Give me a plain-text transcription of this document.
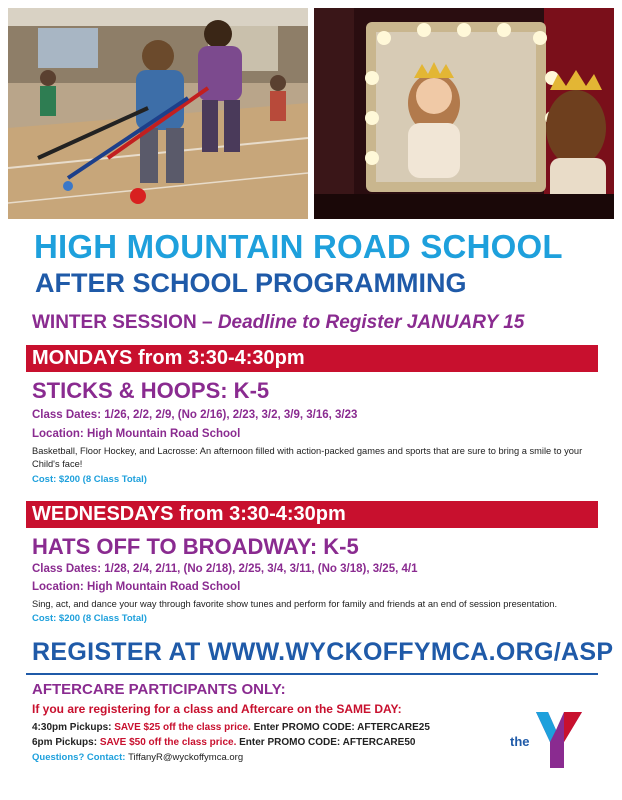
HIGH MOUNTAIN ROAD SCHOOL
AFTER SCHOOL PROGRAMMING
WINTER SESSION – Deadline to Register JANUARY 15
MONDAYS from 3:30-4:30pm
STICKS & HOOPS: K-5
Class Dates: 1/26, 2/2, 2/9, (No 2/16), 2/23, 3/2, 3/9, 3/16, 3/23
Location: High Mountain Road School
Basketball, Floor Hockey, and Lacrosse: An afternoon filled with action-packed games and sports that are sure to bring a smile to your Child's face!
Cost: $200 (8 Class Total)
WEDNESDAYS from 3:30-4:30pm
HATS OFF TO BROADWAY: K-5
Class Dates: 1/28, 2/4, 2/11, (No 2/18), 2/25, 3/4, 3/11, (No 3/18), 3/25, 4/1
Location: High Mountain Road School
Sing, act, and dance your way through favorite show tunes and perform for family and friends at an end of session presentation.
Cost: $200 (8 Class Total)
REGISTER AT WWW.WYCKOFFYMCA.ORG/ASP
AFTERCARE PARTICIPANTS ONLY:
If you are registering for a class and Aftercare on the SAME DAY:
4:30pm Pickups: SAVE $25 off the class price. Enter PROMO CODE: AFTERCARE25
6pm Pickups: SAVE $50 off the class price. Enter PROMO CODE: AFTERCARE50
Questions? Contact: TiffanyR@wyckoffymca.org
the
YMCA
